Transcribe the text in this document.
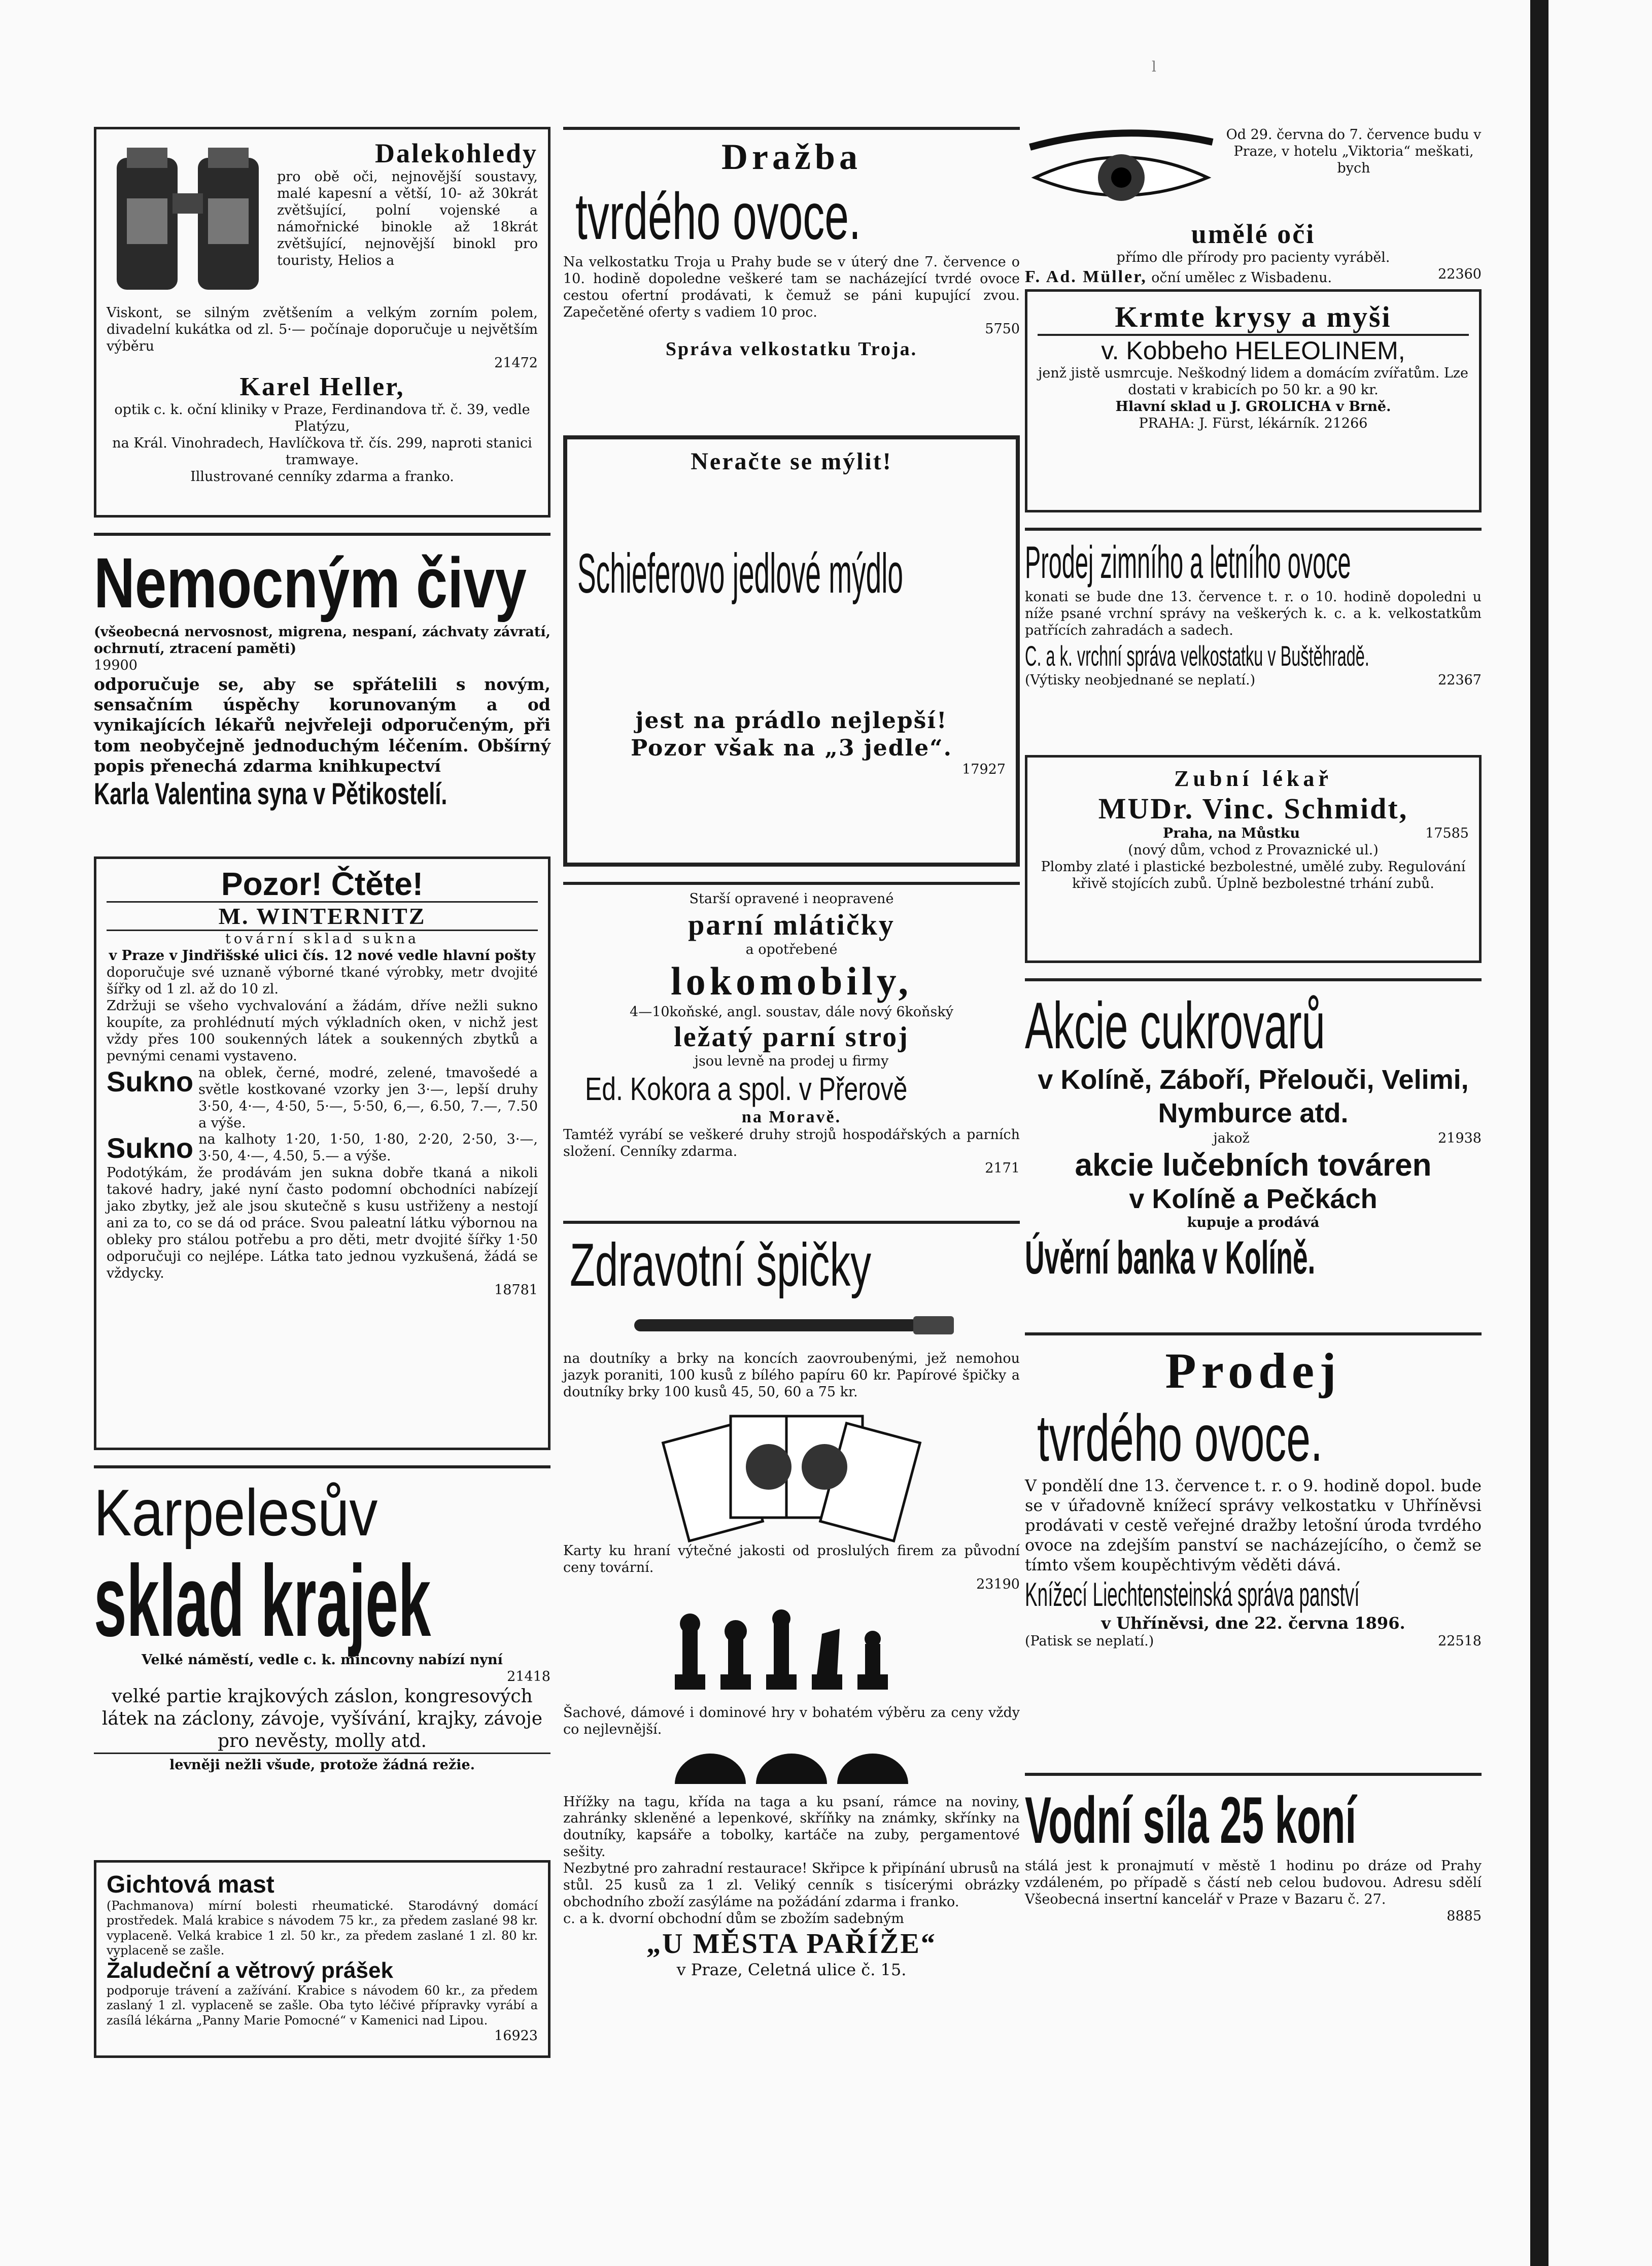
l
Dalekohledy

pro obě oči, nejnovější soustavy, malé kapesní a větší, 10- až 30krát zvětšující, polní vojenské a námořnické binokle až 18krát zvětšující, nejnovější binokl pro touristy, Helios a

Viskont, se silným zvětšením a velkým zorním polem, divadelní kukátka od zl. 5·— počínaje doporučuje u největším výběru

21472
Karel Heller,

optik c. k. oční kliniky v Praze, Ferdinandova tř. č. 39, vedle Platýzu,

na Král. Vinohradech, Havlíčkova tř. čís. 299, naproti stanici tramwaye.

Illustrované cenníky zdarma a franko.

Nemocným čivy

(všeobecná nervosnost, migrena, nespaní, záchvaty závratí, ochrnutí, ztracení paměti)

19900

odporučuje se, aby se spřátelili s novým, sensačním úspěchy korunovaným a od vynikajících lékařů nejvřeleji odporučeným, při tom neobyčejně jednoduchým léčením. Obšírný popis přenechá zdarma knihkupectví

Karla Valentina syna v Pětikostelí.
Pozor! Čtěte!
M. WINTERNITZ

tovární sklad sukna

v Praze v Jindřišské ulici čís. 12 nové vedle hlavní pošty

doporučuje své uznaně výborné tkané výrobky, metr dvojité šířky od 1 zl. až do 10 zl.

Zdržuji se všeho vychvalování a žádám, dříve nežli sukno koupíte, za prohlédnutí mých výkladních oken, v nichž jest vždy přes 100 soukenných látek a soukenných zbytků a pevnými cenami vystaveno.

Sukno na oblek, černé, modré, zelené, tmavošedé a světle kostkované vzorky jen 3·—, lepší druhy 3·50, 4·—, 4·50, 5·—, 5·50, 6,—, 6.50, 7.—, 7.50 a výše.

Sukno na kalhoty 1·20, 1·50, 1·80, 2·20, 2·50, 3·—, 3·50, 4·—, 4.50, 5.— a výše.

Podotýkám, že prodávám jen sukna dobře tkaná a nikoli takové hadry, jaké nyní často podomní obchodníci nabízejí jako zbytky, jež ale jsou skutečně s kusu ustřiženy a nestojí ani za to, co se dá od práce. Svou paleatní látku výbornou na obleky pro stálou potřebu a pro děti, metr dvojité šířky 1·50 odporučuji co nejlépe. Látka tato jednou vyzkušená, žádá se vždycky.

18781
Karpelesův
sklad krajek

Velké náměstí, vedle c. k. mincovny nabízí nyní

21418

velké partie krajkových záslon, kongresových látek na záclony, závoje, vyšívání, krajky, závoje pro nevěsty, molly atd.

levněji nežli všude, protože žádná režie.

Gichtová mast

(Pachmanova) mírní bolesti rheumatické. Starodávný domácí prostředek. Malá krabice s návodem 75 kr., za předem zaslané 98 kr. vyplaceně. Velká krabice 1 zl. 50 kr., za předem zaslané 1 zl. 80 kr. vyplaceně se zašle.

Žaludeční a větrový prášek

podporuje trávení a zažívání. Krabice s návodem 60 kr., za předem zaslaný 1 zl. vyplaceně se zašle. Oba tyto léčivé přípravky vyrábí a zasílá lékárna „Panny Marie Pomocné“ v Kamenici nad Lipou.

16923
Dražba
tvrdého ovoce.

Na velkostatku Troja u Prahy bude se v úterý dne 7. července o 10. hodině dopoledne veškeré tam se nacházející tvrdé ovoce cestou ofertní prodávati, k čemuž se páni kupující zvou. Zapečetěné oferty s vadiem 10 proc.

5750
Správa velkostatku Troja.
Neračte se mýlit!
Schieferovo jedlové mýdlo

jest na prádlo nejlepší!

Pozor však na „3 jedle“.

17927

Starší opravené i neopravené

parní mlátičky

a opotřebené

lokomobily,

4—10koňské, angl. soustav, dále nový 6koňský

ležatý parní stroj

jsou levně na prodej u firmy

Ed. Kokora a spol. v Přerově
na Moravě.

Tamtéž vyrábí se veškeré druhy strojů hospodářských a parních složení. Cenníky zdarma.

2171
Zdravotní špičky

na doutníky a brky na koncích zaovroubenými, jež nemohou jazyk poraniti, 100 kusů z bílého papíru 60 kr. Papírové špičky a doutníky brky 100 kusů 45, 50, 60 a 75 kr.

Karty ku hraní výtečné jakosti od proslulých firem za původní ceny tovární.

23190

Šachové, dámové i dominové hry v bohatém výběru za ceny vždy co nejlevnější.

Hřížky na tagu, křída na taga a ku psaní, rámce na noviny, zahránky skleněné a lepenkové, skříňky na známky, skřínky na doutníky, kapsáře a tobolky, kartáče na zuby, pergamentové sešity.

Nezbytné pro zahradní restaurace! Skřipce k připínání ubrusů na stůl. 25 kusů za 1 zl. Veliký cenník s tisícerými obrázky obchodního zboží zasýláme na požádání zdarma i franko.

c. a k. dvorní obchodní dům se zbožím sadebným

„U MĚSTA PAŘÍŽE“

v Praze, Celetná ulice č. 15.

Od 29. června do 7. července budu v Praze, v hotelu „Viktoria“ meškati, bych

umělé oči

přímo dle přírody pro pacienty vyráběl.

F. Ad. Müller, oční umělec z Wisbadenu.	22360
Krmte krysy a myši
v. Kobbeho HELEOLINEM,

jenž jistě usmrcuje. Neškodný lidem a domácím zvířatům. Lze dostati v krabicích po 50 kr. a 90 kr.

Hlavní sklad u J. GROLICHA v Brně.

PRAHA: J. Fürst, lékárník. 21266
Prodej zimního a letního ovoce

konati se bude dne 13. července t. r. o 10. hodině dopoledni u níže psané vrchní správy na veškerých k. c. a k. velkostatkům patřících zahradách a sadech.

C. a k. vrchní správa velkostatku v Buštěhradě.
(Výtisky neobjednané se neplatí.)	22367
Zubní lékař
MUDr. Vinc. Schmidt,
Praha, na Můstku	17585

(nový dům, vchod z Provaznické ul.)

Plomby zlaté i plastické bezbolestné, umělé zuby. Regulování křivě stojících zubů. Úplně bezbolestné trhání zubů.

Akcie cukrovarů

v Kolíně, Záboří, Přelouči, Velimi, Nymburce atd.

jakož	21938
akcie lučebních továren
v Kolíně a Pečkách

kupuje a prodává

Úvěrní banka v Kolíně.
Prodej
tvrdého ovoce.

V pondělí dne 13. července t. r. o 9. hodině dopol. bude se v úřadovně knížecí správy velkostatku v Uhříněvsi prodávati v cestě veřejné dražby letošní úroda tvrdého ovoce na zdejším panství se nacházejícího, o čemž se tímto všem koupěchtivým věděti dává.

Knížecí Liechtensteinská správa panství

v Uhříněvsi, dne 22. června 1896.

(Patisk se neplatí.)	22518
Vodní síla 25 koní

stálá jest k pronajmutí v městě 1 hodinu po dráze od Prahy vzdáleném, po případě s částí neb celou budovou. Adresu sdělí Všeobecná insertní kancelář v Praze v Bazaru č. 27.

8885
